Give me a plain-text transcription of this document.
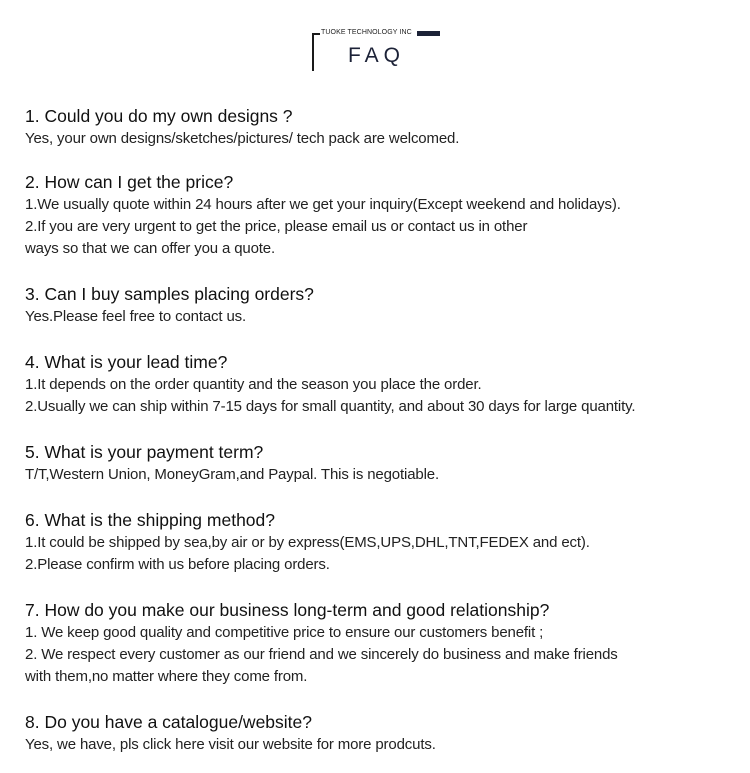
TUOKE TECHNOLOGY INC
FAQ
1. Could you do my own designs ?
Yes, your own designs/sketches/pictures/ tech pack are welcomed.
2. How can I get the price?
1.We usually quote within 24 hours after we get your inquiry(Except weekend and holidays).
2.If you are very urgent to get the price, please email us or contact us in other
ways so that we can offer you a quote.
3. Can I buy samples placing orders?
Yes.Please feel free to contact us.
4. What is your lead time?
1.It depends on the order quantity and the season you place the order.
2.Usually we can ship within 7-15 days for small quantity, and about 30 days for large quantity.
5. What is your payment term?
T/T,Western Union, MoneyGram,and Paypal. This is negotiable.
6. What is the shipping method?
1.It could be shipped by sea,by air or by express(EMS,UPS,DHL,TNT,FEDEX and ect).
2.Please confirm with us before placing orders.
7. How do you make our business long-term and good relationship?
1. We keep good quality and competitive price to ensure our customers benefit ;
2. We respect every customer as our friend and we sincerely do business and make friends
with them,no matter where they come from.
8. Do you have a catalogue/website?
Yes, we have, pls click here visit our website for more prodcuts.
